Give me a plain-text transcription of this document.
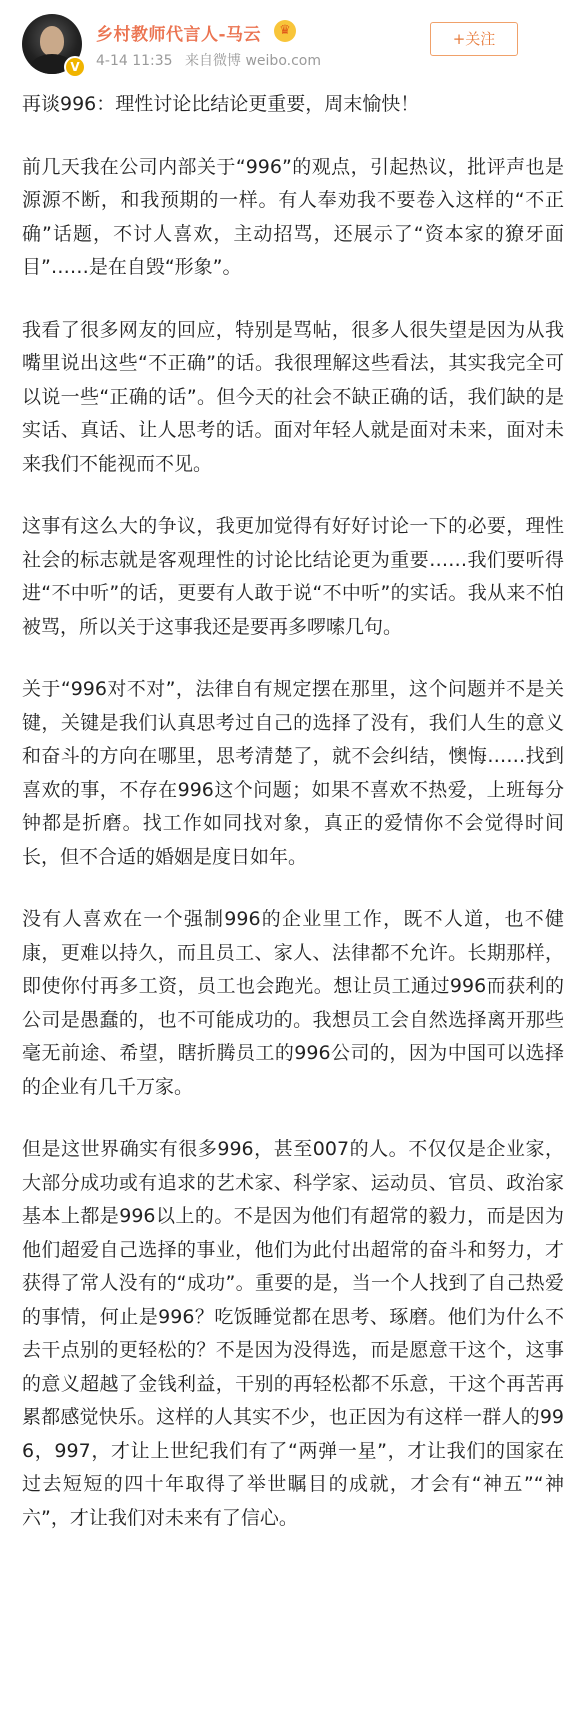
V
乡村教师代言人-马云	♛
4-14 11:35 来自微博 weibo.com
+关注

再谈996：理性讨论比结论更重要，周末愉快！

前几天我在公司内部关于“996”的观点，引起热议，批评声也是源源不断，和我预期的一样。有人奉劝我不要卷入这样的“不正确”话题，不讨人喜欢，主动招骂，还展示了“资本家的獠牙面目”……是在自毁“形象”。

我看了很多网友的回应，特别是骂帖，很多人很失望是因为从我嘴里说出这些“不正确”的话。我很理解这些看法，其实我完全可以说一些“正确的话”。但今天的社会不缺正确的话，我们缺的是实话、真话、让人思考的话。面对年轻人就是面对未来，面对未来我们不能视而不见。

这事有这么大的争议，我更加觉得有好好讨论一下的必要，理性社会的标志就是客观理性的讨论比结论更为重要……我们要听得进“不中听”的话，更要有人敢于说“不中听”的实话。我从来不怕被骂，所以关于这事我还是要再多啰嗦几句。

关于“996对不对”，法律自有规定摆在那里，这个问题并不是关键，关键是我们认真思考过自己的选择了没有，我们人生的意义和奋斗的方向在哪里，思考清楚了，就不会纠结，懊悔……找到喜欢的事，不存在996这个问题；如果不喜欢不热爱，上班每分钟都是折磨。找工作如同找对象，真正的爱情你不会觉得时间长，但不合适的婚姻是度日如年。

没有人喜欢在一个强制996的企业里工作，既不人道，也不健康，更难以持久，而且员工、家人、法律都不允许。长期那样，即使你付再多工资，员工也会跑光。想让员工通过996而获利的公司是愚蠢的，也不可能成功的。我想员工会自然选择离开那些毫无前途、希望，瞎折腾员工的996公司的，因为中国可以选择的企业有几千万家。

但是这世界确实有很多996，甚至007的人。不仅仅是企业家，大部分成功或有追求的艺术家、科学家、运动员、官员、政治家基本上都是996以上的。不是因为他们有超常的毅力，而是因为他们超爱自己选择的事业，他们为此付出超常的奋斗和努力，才获得了常人没有的“成功”。重要的是，当一个人找到了自己热爱的事情，何止是996？吃饭睡觉都在思考、琢磨。他们为什么不去干点别的更轻松的？不是因为没得选，而是愿意干这个，这事的意义超越了金钱利益，干别的再轻松都不乐意，干这个再苦再累都感觉快乐。这样的人其实不少，也正因为有这样一群人的996，997，才让上世纪我们有了“两弹一星”，才让我们的国家在过去短短的四十年取得了举世瞩目的成就，才会有“神五”“神六”，才让我们对未来有了信心。
